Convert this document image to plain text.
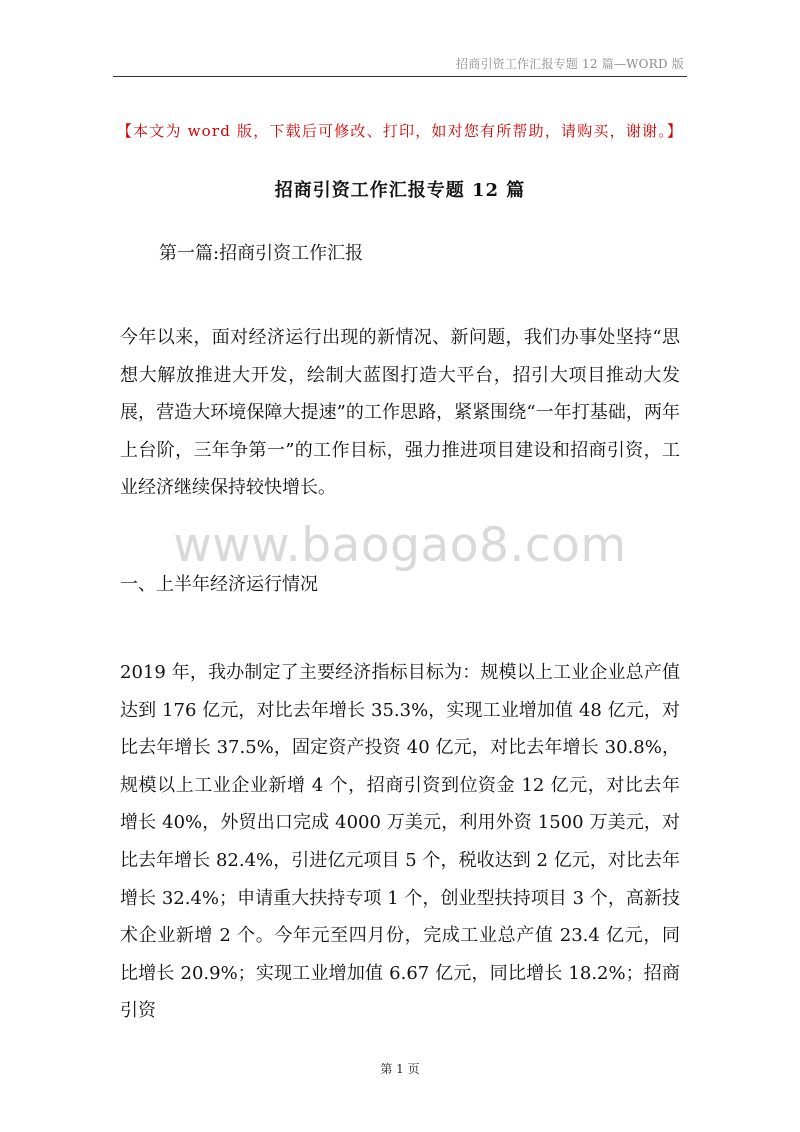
招商引资工作汇报专题 12 篇—WORD 版
【本文为 word 版，下载后可修改、打印，如对您有所帮助，请购买，谢谢。】
招商引资工作汇报专题 12 篇
第一篇:招商引资工作汇报
今年以来，面对经济运行出现的新情况、新问题，我们办事处坚持“思想大解放推进大开发，绘制大蓝图打造大平台，招引大项目推动大发展，营造大环境保障大提速”的工作思路，紧紧围绕“一年打基础，两年上台阶，三年争第一”的工作目标，强力推进项目建设和招商引资，工业经济继续保持较快增长。
www.baogao8.com
一、上半年经济运行情况
2019 年，我办制定了主要经济指标目标为：规模以上工业企业总产值达到 176 亿元，对比去年增长 35.3%，实现工业增加值 48 亿元，对比去年增长 37.5%，固定资产投资 40 亿元，对比去年增长 30.8%，规模以上工业企业新增 4 个，招商引资到位资金 12 亿元，对比去年增长 40%，外贸出口完成 4000 万美元，利用外资 1500 万美元，对比去年增长 82.4%，引进亿元项目 5 个，税收达到 2 亿元，对比去年增长 32.4%；申请重大扶持专项 1 个，创业型扶持项目 3 个，高新技术企业新增 2 个。今年元至四月份，完成工业总产值 23.4 亿元，同比增长 20.9%；实现工业增加值 6.67 亿元，同比增长 18.2%；招商引资
第 1 页
